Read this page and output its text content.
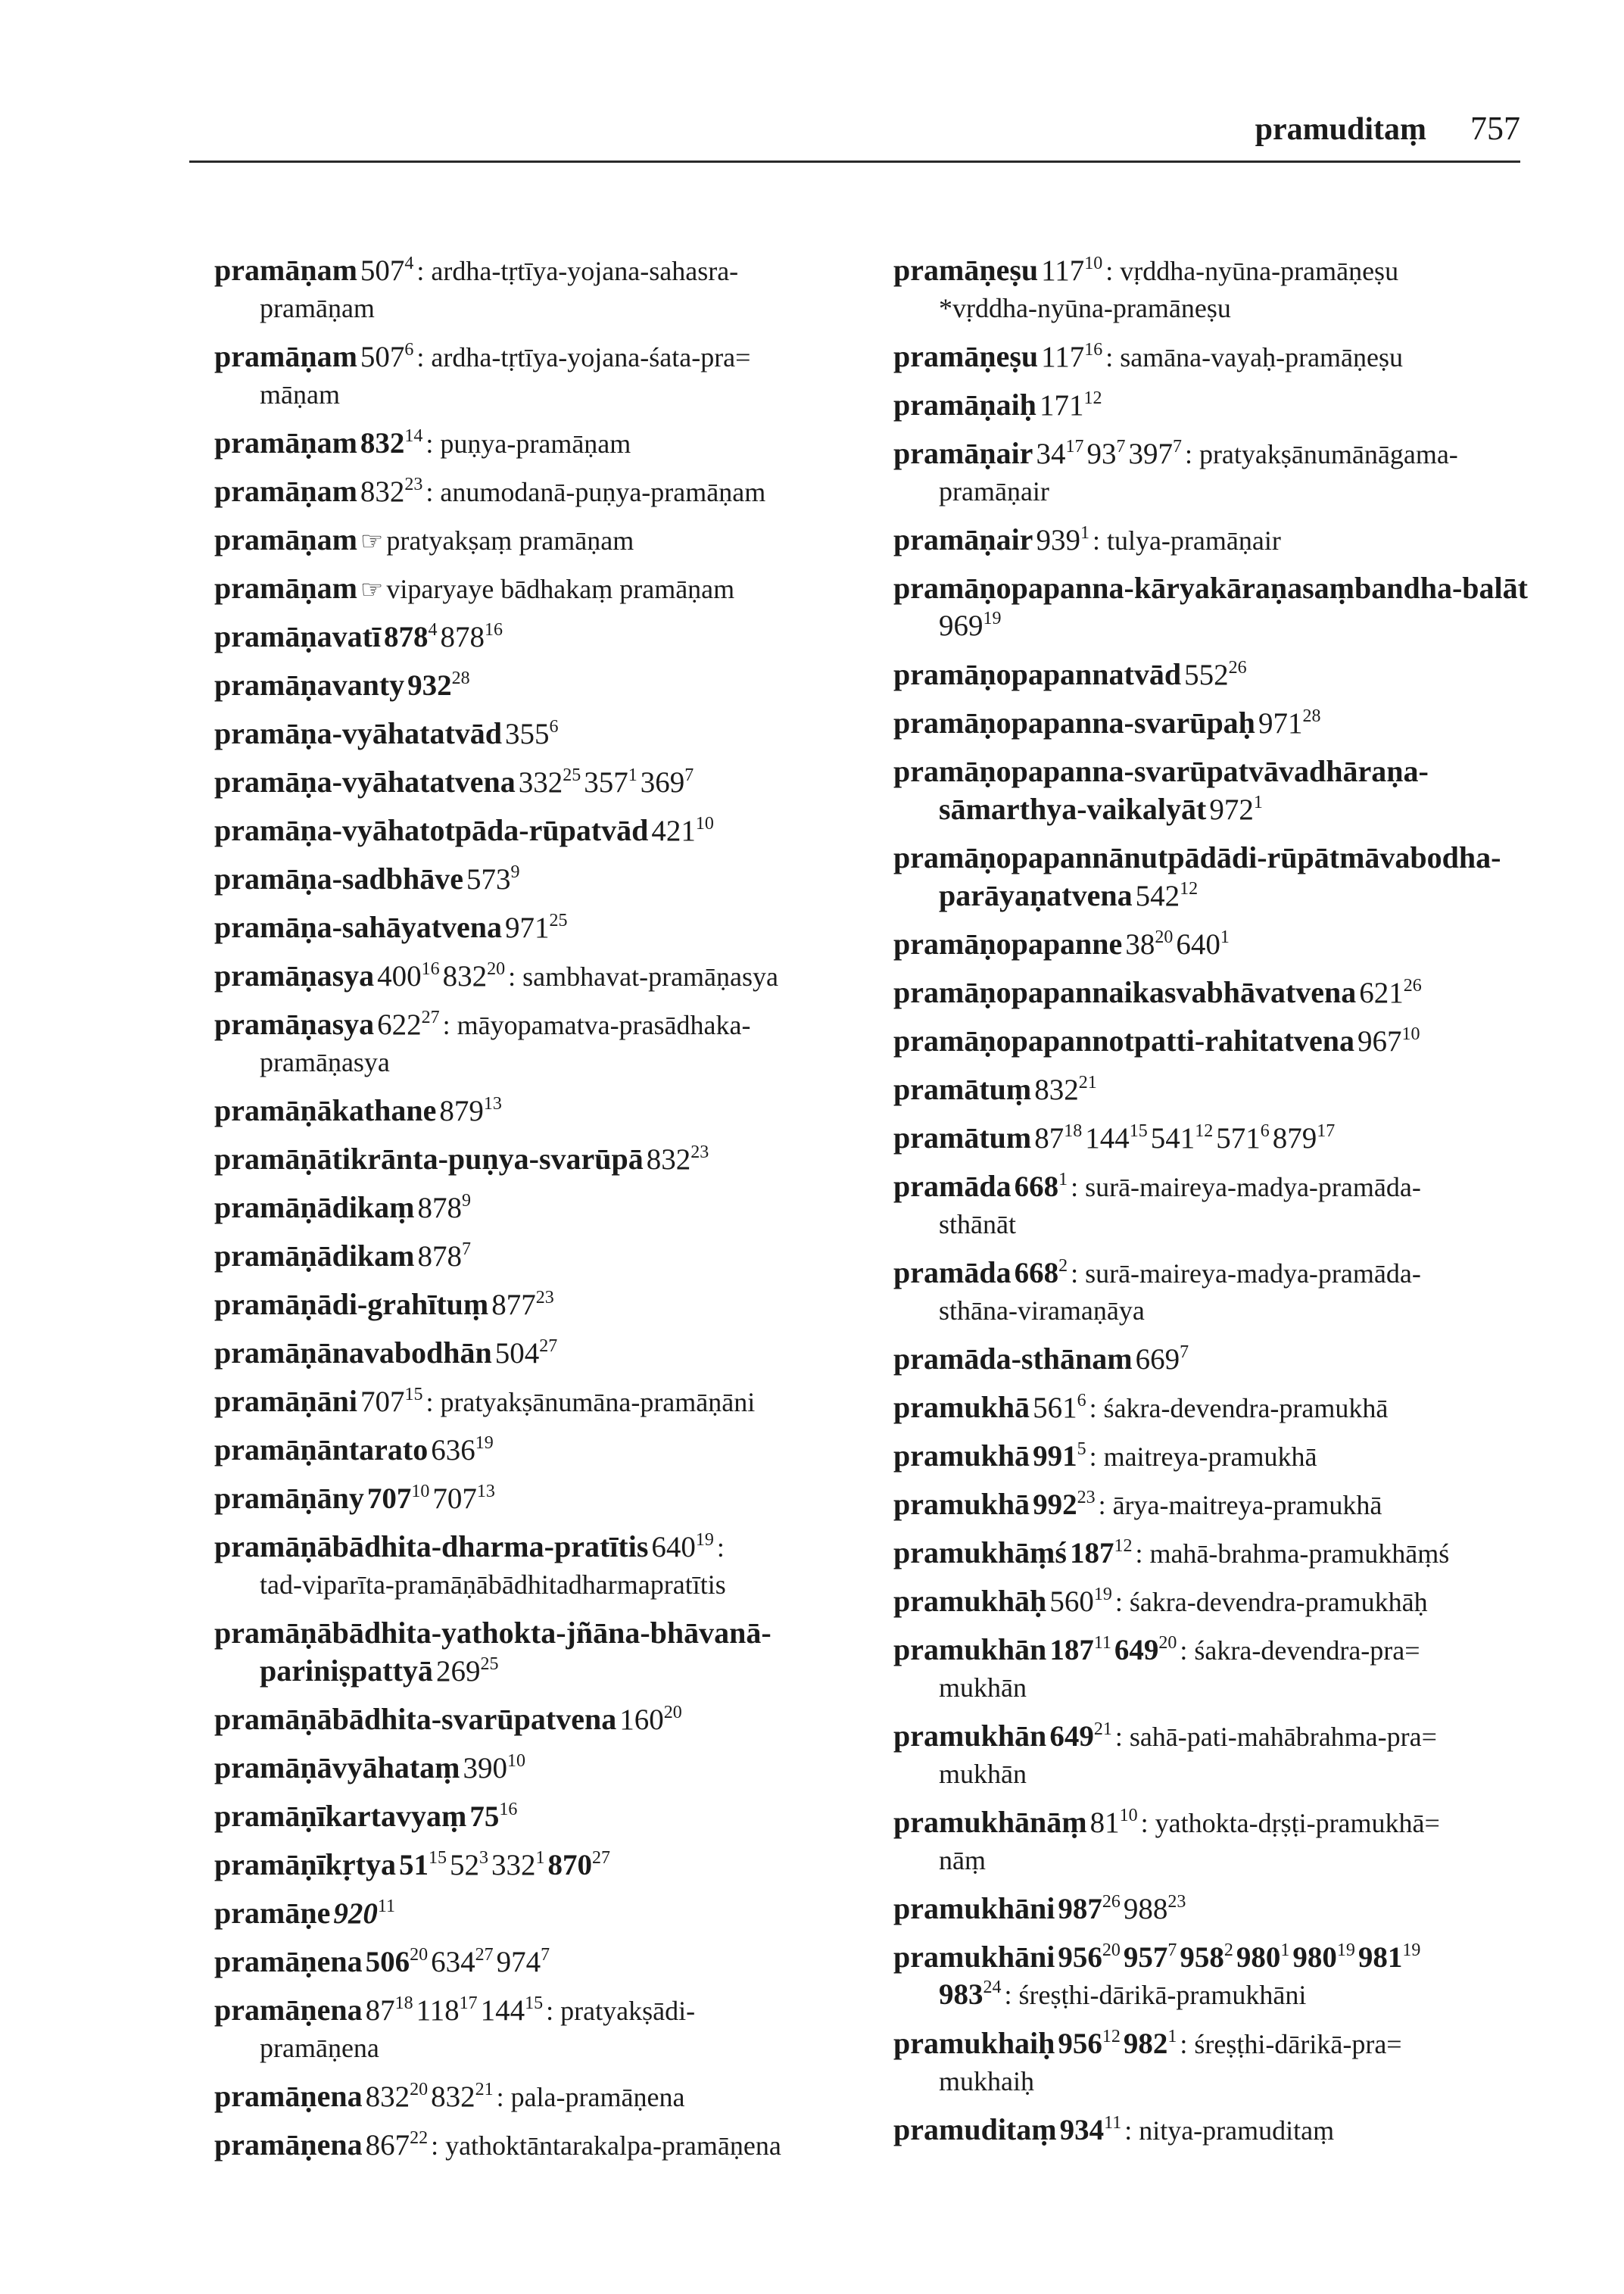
pramuditaṃ 757
pramāṇam $507^4$ : ardha-tṛtīya-yojana-sahasra-
pramāṇam
pramāṇam $507^6$ : ardha-tṛtīya-yojana-śata-pra=
māṇam
pramāṇam $832^{14}$ : puṇya-pramāṇam
pramāṇam $832^{23}$ : anumodanā-puṇya-pramāṇam
pramāṇam ☞ pratyakṣaṃ pramāṇam
pramāṇam ☞ viparyaye bādhakaṃ pramāṇam
pramāṇavatī $878^4$ $878^{16}$
pramāṇavanty $932^{28}$
pramāṇa-vyāhatatvād $355^6$
pramāṇa-vyāhatatvena $332^{25}$ $357^1$ $369^7$
pramāṇa-vyāhatotpāda-rūpatvād $421^{10}$
pramāṇa-sadbhāve $573^9$
pramāṇa-sahāyatvena $971^{25}$
pramāṇasya $400^{16}$ $832^{20}$ : sambhavat-pramāṇasya
pramāṇasya $622^{27}$ : māyopamatva-prasādhaka-
pramāṇasya
pramāṇākathane $879^{13}$
pramāṇātikrānta-puṇya-svarūpā $832^{23}$
pramāṇādikaṃ $878^9$
pramāṇādikam $878^7$
pramāṇādi-grahītuṃ $877^{23}$
pramāṇānavabodhān $504^{27}$
pramāṇāni $707^{15}$ : pratyakṣānumāna-pramāṇāni
pramāṇāntarato $636^{19}$
pramāṇāny $707^{10}$ $707^{13}$
pramāṇābādhita-dharma-pratītis $640^{19}$ :
tad-viparīta-pramāṇābādhitadharmapratītis
pramāṇābādhita-yathokta-jñāna-bhāvanā-
pariniṣpattyā $269^{25}$
pramāṇābādhita-svarūpatvena $160^{20}$
pramāṇāvyāhataṃ $390^{10}$
pramāṇīkartavyaṃ $75^{16}$
pramāṇīkṛtya $51^{15}$ $52^3$ $332^1$ $870^{27}$
pramāṇe $920^{11}$
pramāṇena $506^{20}$ $634^{27}$ $974^7$
pramāṇena $87^{18}$ $118^{17}$ $144^{15}$ : pratyakṣādi-
pramāṇena
pramāṇena $832^{20}$ $832^{21}$ : pala-pramāṇena
pramāṇena $867^{22}$ : yathoktāntarakalpa-pramāṇena
pramāṇeṣu $117^{10}$ : vṛddha-nyūna-pramāṇeṣu
*vṛddha-nyūna-pramāneṣu
pramāṇeṣu $117^{16}$ : samāna-vayaḥ-pramāṇeṣu
pramāṇaiḥ $171^{12}$
pramāṇair $34^{17}$ $93^7$ $397^7$ : pratyakṣānumānāgama-
pramāṇair
pramāṇair $939^1$ : tulya-pramāṇair
pramāṇopapanna-kāryakāraṇasaṃbandha-balāt
$969^{19}$
pramāṇopapannatvād $552^{26}$
pramāṇopapanna-svarūpaḥ $971^{28}$
pramāṇopapanna-svarūpatvāvadhāraṇa-
sāmarthya-vaikalyāt $972^1$
pramāṇopapannānutpādādi-rūpātmāvabodha-
parāyaṇatvena $542^{12}$
pramāṇopapanne $38^{20}$ $640^1$
pramāṇopapannaikasvabhāvatvena $621^{26}$
pramāṇopapannotpatti-rahitatvena $967^{10}$
pramātuṃ $832^{21}$
pramātum $87^{18}$ $144^{15}$ $541^{12}$ $571^6$ $879^{17}$
pramāda $668^1$ : surā-maireya-madya-pramāda-
sthānāt
pramāda $668^2$ : surā-maireya-madya-pramāda-
sthāna-viramaṇāya
pramāda-sthānam $669^7$
pramukhā $561^6$ : śakra-devendra-pramukhā
pramukhā $991^5$ : maitreya-pramukhā
pramukhā $992^{23}$ : ārya-maitreya-pramukhā
pramukhāṃś $187^{12}$ : mahā-brahma-pramukhāṃś
pramukhāḥ $560^{19}$ : śakra-devendra-pramukhāḥ
pramukhān $187^{11}$ $649^{20}$ : śakra-devendra-pra=
mukhān
pramukhān $649^{21}$ : sahā-pati-mahābrahma-pra=
mukhān
pramukhānāṃ $81^{10}$ : yathokta-dṛṣṭi-pramukhā=
nāṃ
pramukhāni $987^{26}$ $988^{23}$
pramukhāni $956^{20}$ $957^7$ $958^2$ $980^1$ $980^{19}$ $981^{19}$
$983^{24}$ : śreṣṭhi-dārikā-pramukhāni
pramukhaiḥ $956^{12}$ $982^1$ : śreṣṭhi-dārikā-pra=
mukhaiḥ
pramuditaṃ $934^{11}$ : nitya-pramuditaṃ
